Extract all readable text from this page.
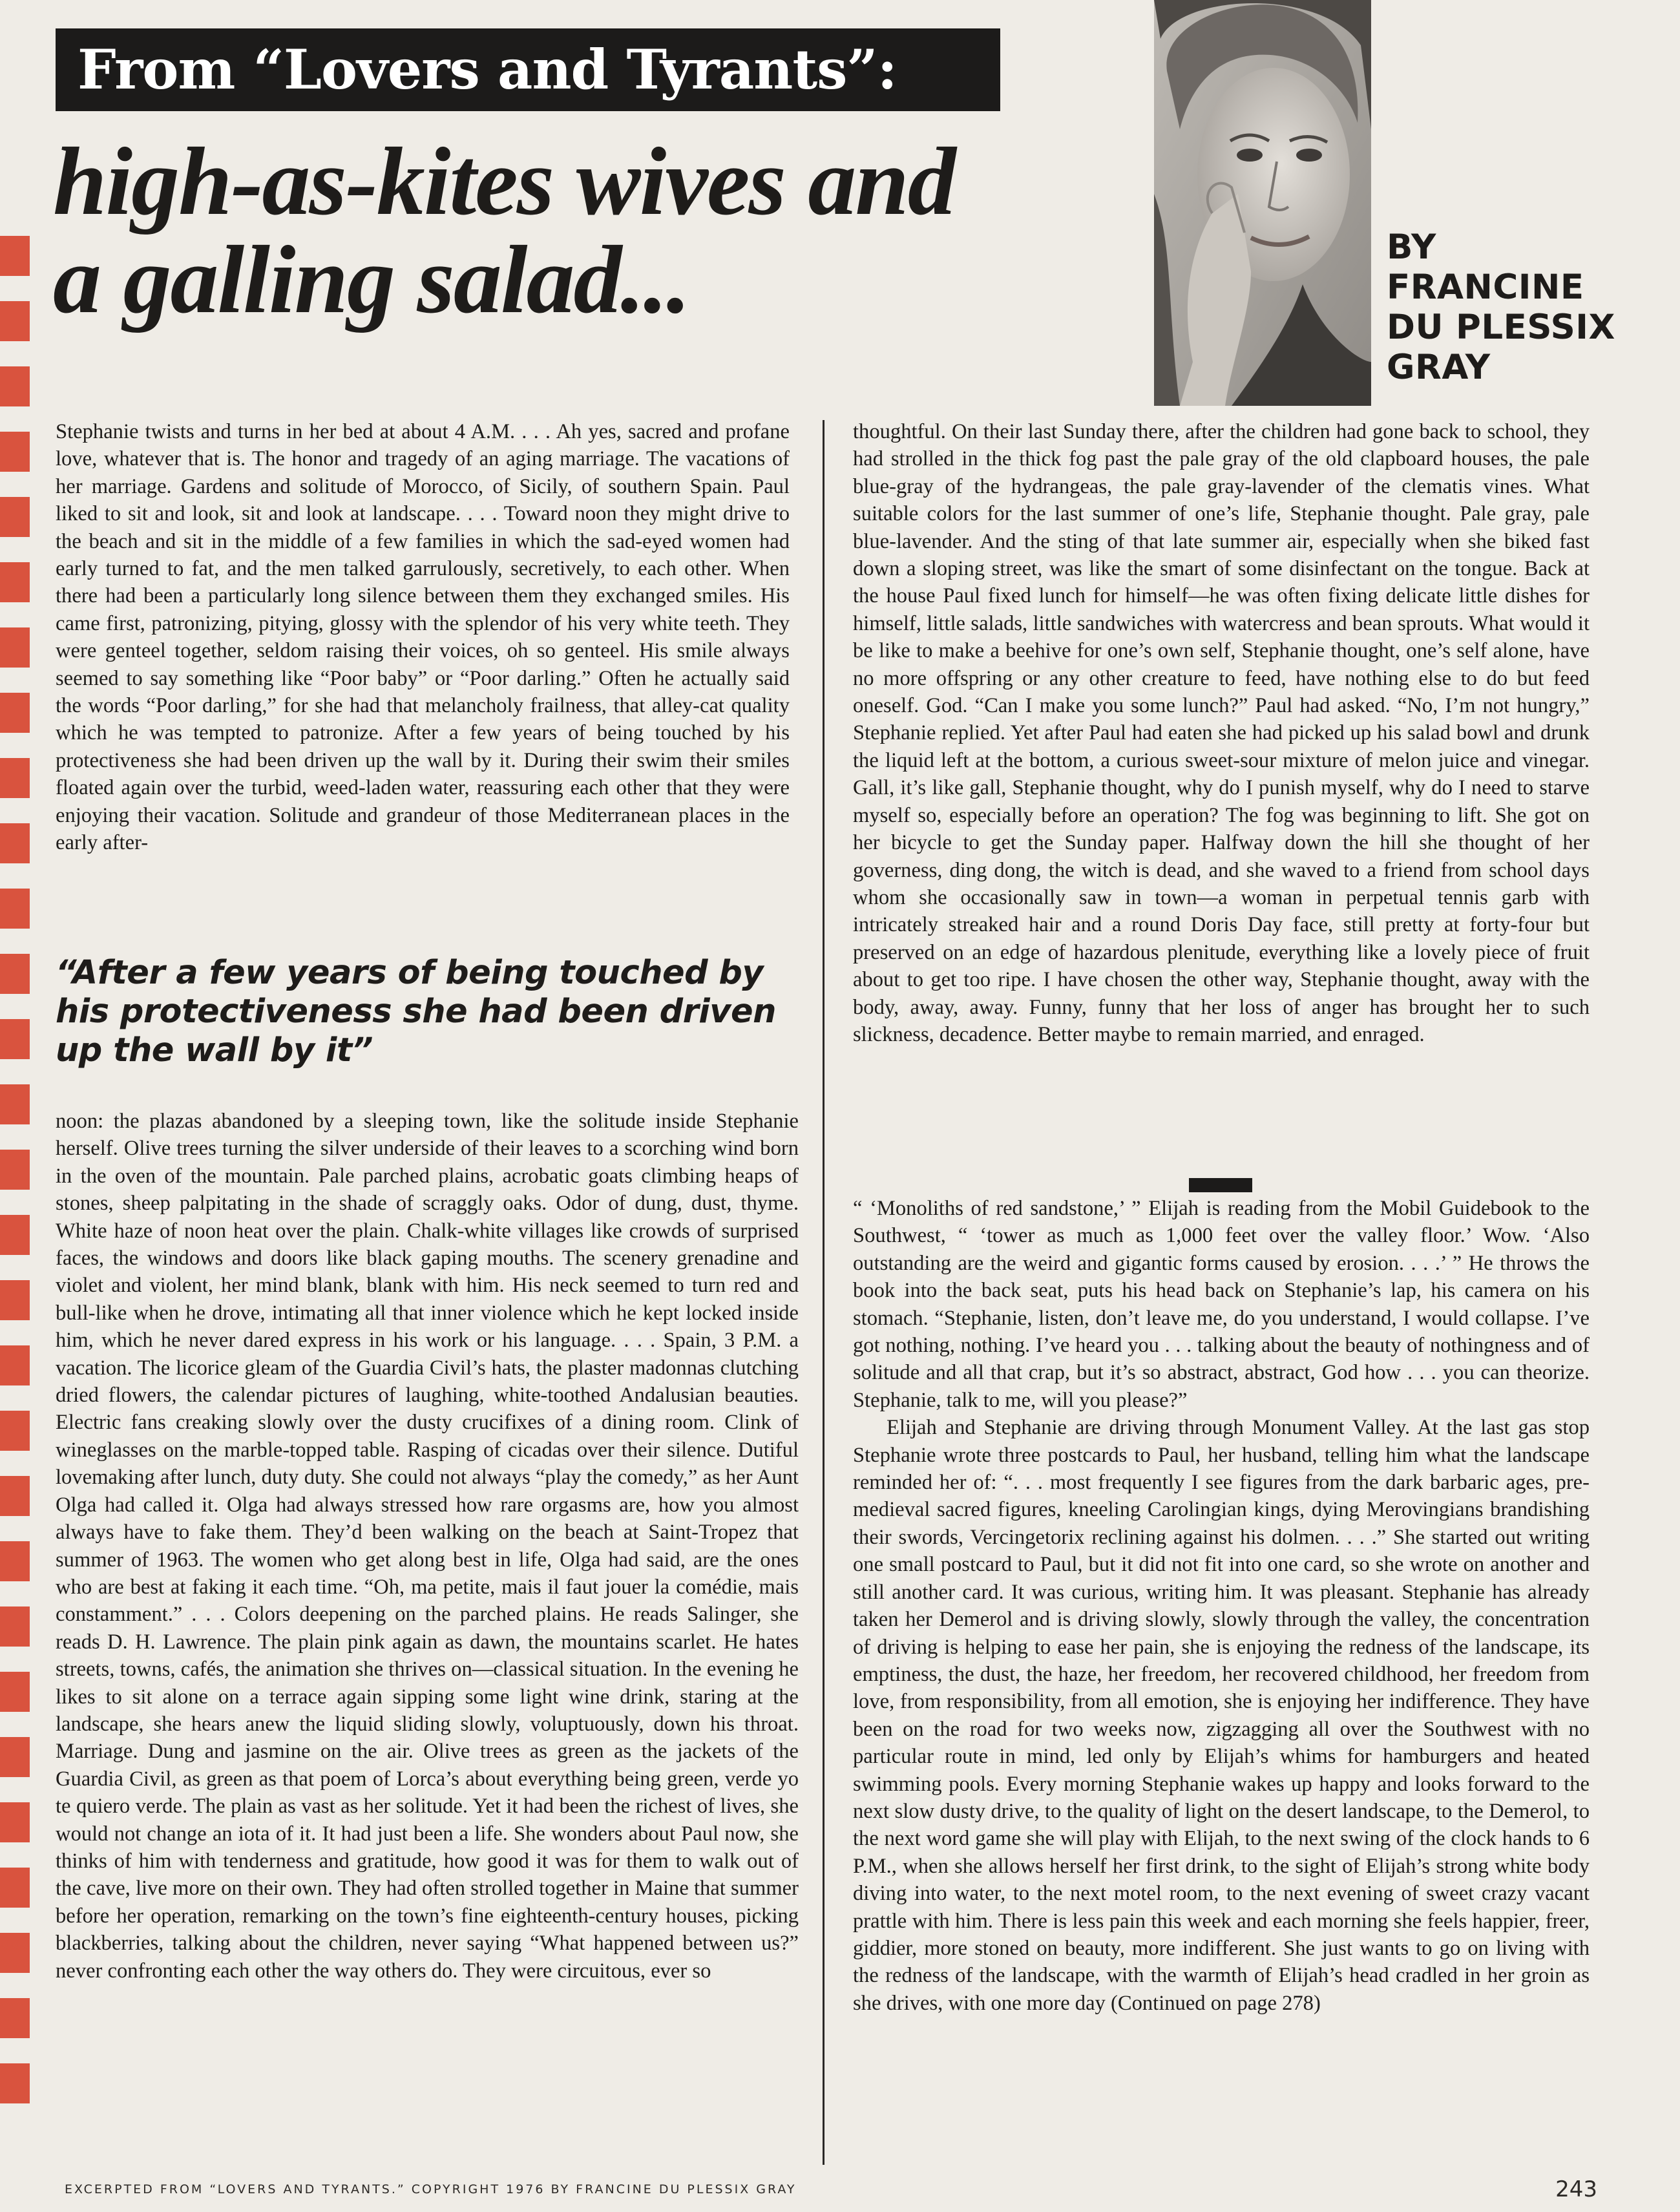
From “Lovers and Tyrants”:
high-as-kites wives and
a galling salad...	BY
FRANCINE
DU PLESSIX
GRAY

Stephanie twists and turns in her bed at about 4 A.M. . . . Ah yes, sacred and profane love, whatever that is. The honor and tragedy of an aging marriage. The vacations of her marriage. Gardens and solitude of Morocco, of Sicily, of southern Spain. Paul liked to sit and look, sit and look at landscape. . . . Toward noon they might drive to the beach and sit in the middle of a few families in which the sad-eyed women had early turned to fat, and the men talked garrulously, secretively, to each other. When there had been a particularly long silence between them they exchanged smiles. His came first, patronizing, pitying, glossy with the splendor of his very white teeth. They were genteel together, seldom raising their voices, oh so genteel. His smile always seemed to say something like “Poor baby” or “Poor darling.” Often he actually said the words “Poor darling,” for she had that melancholy frailness, that alley-cat quality which he was tempted to patronize. After a few years of being touched by his protectiveness she had been driven up the wall by it. During their swim their smiles floated again over the turbid, weed-laden water, reassuring each other that they were enjoying their vacation. Solitude and grandeur of those Mediterranean places in the early after-

“After a few years of being touched by his protectiveness she had been driven up the wall by it”

noon: the plazas abandoned by a sleeping town, like the solitude inside Stephanie herself. Olive trees turning the silver underside of their leaves to a scorching wind born in the oven of the mountain. Pale parched plains, acrobatic goats climbing heaps of stones, sheep palpitating in the shade of scraggly oaks. Odor of dung, dust, thyme. White haze of noon heat over the plain. Chalk-white villages like crowds of surprised faces, the windows and doors like black gaping mouths. The scenery grenadine and violet and violent, her mind blank, blank with him. His neck seemed to turn red and bull-like when he drove, intimating all that inner violence which he kept locked inside him, which he never dared express in his work or his language. . . . Spain, 3 P.M. a vacation. The licorice gleam of the Guardia Civil’s hats, the plaster madonnas clutching dried flowers, the calendar pictures of laughing, white-toothed Andalusian beauties. Electric fans creaking slowly over the dusty crucifixes of a dining room. Clink of wineglasses on the marble-topped table. Rasping of cicadas over their silence. Dutiful lovemaking after lunch, duty duty. She could not always “play the comedy,” as her Aunt Olga had called it. Olga had always stressed how rare orgasms are, how you almost always have to fake them. They’d been walking on the beach at Saint-Tropez that summer of 1963. The women who get along best in life, Olga had said, are the ones who are best at faking it each time. “Oh, ma petite, mais il faut jouer la comédie, mais constamment.” . . . Colors deepening on the parched plains. He reads Salinger, she reads D. H. Lawrence. The plain pink again as dawn, the mountains scarlet. He hates streets, towns, cafés, the animation she thrives on—classical situation. In the evening he likes to sit alone on a terrace again sipping some light wine drink, staring at the landscape, she hears anew the liquid sliding slowly, voluptuously, down his throat. Marriage. Dung and jasmine on the air. Olive trees as green as the jackets of the Guardia Civil, as green as that poem of Lorca’s about everything being green, verde yo te quiero verde. The plain as vast as her solitude. Yet it had been the richest of lives, she would not change an iota of it. It had just been a life. She wonders about Paul now, she thinks of him with tenderness and gratitude, how good it was for them to walk out of the cave, live more on their own. They had often strolled together in Maine that summer before her operation, remarking on the town’s fine eighteenth-century houses, picking blackberries, talking about the children, never saying “What happened between us?” never confronting each other the way others do. They were circuitous, ever so

thoughtful. On their last Sunday there, after the children had gone back to school, they had strolled in the thick fog past the pale gray of the old clapboard houses, the pale blue-gray of the hydrangeas, the pale gray-lavender of the clematis vines. What suitable colors for the last summer of one’s life, Stephanie thought. Pale gray, pale blue-lavender. And the sting of that late summer air, especially when she biked fast down a sloping street, was like the smart of some disinfectant on the tongue. Back at the house Paul fixed lunch for himself—he was often fixing delicate little dishes for himself, little salads, little sandwiches with watercress and bean sprouts. What would it be like to make a beehive for one’s own self, Stephanie thought, one’s self alone, have no more offspring or any other creature to feed, have nothing else to do but feed oneself. God. “Can I make you some lunch?” Paul had asked. “No, I’m not hungry,” Stephanie replied. Yet after Paul had eaten she had picked up his salad bowl and drunk the liquid left at the bottom, a curious sweet-sour mixture of melon juice and vinegar. Gall, it’s like gall, Stephanie thought, why do I punish myself, why do I need to starve myself so, especially before an operation? The fog was beginning to lift. She got on her bicycle to get the Sunday paper. Halfway down the hill she thought of her governess, ding dong, the witch is dead, and she waved to a friend from school days whom she occasionally saw in town—a woman in perpetual tennis garb with intricately streaked hair and a round Doris Day face, still pretty at forty-four but preserved on an edge of hazardous plenitude, everything like a lovely piece of fruit about to get too ripe. I have chosen the other way, Stephanie thought, away with the body, away, away. Funny, funny that her loss of anger has brought her to such slickness, decadence. Better maybe to remain married, and enraged.

“ ‘Monoliths of red sandstone,’ ” Elijah is reading from the Mobil Guidebook to the Southwest, “ ‘tower as much as 1,000 feet over the valley floor.’ Wow. ‘Also outstanding are the weird and gigantic forms caused by erosion. . . .’ ” He throws the book into the back seat, puts his head back on Stephanie’s lap, his camera on his stomach. “Stephanie, listen, don’t leave me, do you understand, I would collapse. I’ve got nothing, nothing. I’ve heard you . . . talking about the beauty of nothingness and of solitude and all that crap, but it’s so abstract, abstract, God how . . . you can theorize. Stephanie, talk to me, will you please?”

Elijah and Stephanie are driving through Monument Valley. At the last gas stop Stephanie wrote three postcards to Paul, her husband, telling him what the landscape reminded her of: “. . . most frequently I see figures from the dark barbaric ages, pre-medieval sacred figures, kneeling Carolingian kings, dying Merovingians brandishing their swords, Vercingetorix reclining against his dolmen. . . .” She started out writing one small postcard to Paul, but it did not fit into one card, so she wrote on another and still another card. It was curious, writing him. It was pleasant. Stephanie has already taken her Demerol and is driving slowly, slowly through the valley, the concentration of driving is helping to ease her pain, she is enjoying the redness of the landscape, its emptiness, the dust, the haze, her freedom, her recovered childhood, her freedom from love, from responsibility, from all emotion, she is enjoying her indifference. They have been on the road for two weeks now, zigzagging all over the Southwest with no particular route in mind, led only by Elijah’s whims for hamburgers and heated swimming pools. Every morning Stephanie wakes up happy and looks forward to the next slow dusty drive, to the quality of light on the desert landscape, to the Demerol, to the next word game she will play with Elijah, to the next swing of the clock hands to 6 P.M., when she allows herself her first drink, to the sight of Elijah’s strong white body diving into water, to the next motel room, to the next evening of sweet crazy vacant prattle with him. There is less pain this week and each morning she feels happier, freer, giddier, more stoned on beauty, more indifferent. She just wants to go on living with the redness of the landscape, with the warmth of Elijah’s head cradled in her groin as she drives, with one more day (Continued on page 278)

EXCERPTED FROM “LOVERS AND TYRANTS.” COPYRIGHT 1976 BY FRANCINE DU PLESSIX GRAY	243
